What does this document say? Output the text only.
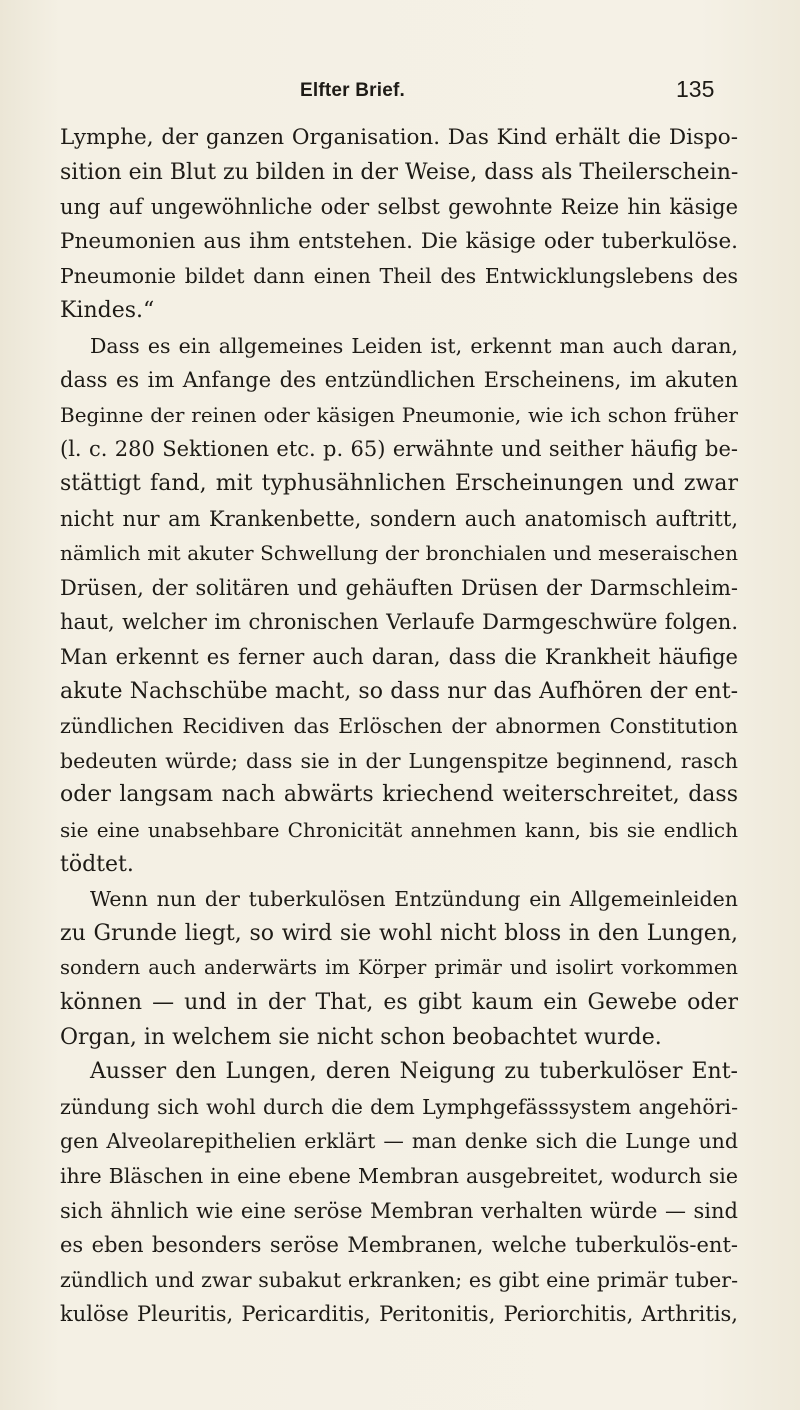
Elfter Brief.	135
Lymphe, der ganzen Organisation. Das Kind erhält die Dispo-
sition ein Blut zu bilden in der Weise, dass als Theilerschein-
ung auf ungewöhnliche oder selbst gewohnte Reize hin käsige
Pneumonien aus ihm entstehen. Die käsige oder tuberkulöse.
Pneumonie bildet dann einen Theil des Entwicklungslebens des
Kindes.“
Dass es ein allgemeines Leiden ist, erkennt man auch daran,
dass es im Anfange des entzündlichen Erscheinens, im akuten
Beginne der reinen oder käsigen Pneumonie, wie ich schon früher
(l. c. 280 Sektionen etc. p. 65) erwähnte und seither häufig be-
stättigt fand, mit typhusähnlichen Erscheinungen und zwar
nicht nur am Krankenbette, sondern auch anatomisch auftritt,
nämlich mit akuter Schwellung der bronchialen und meseraischen
Drüsen, der solitären und gehäuften Drüsen der Darmschleim-
haut, welcher im chronischen Verlaufe Darmgeschwüre folgen.
Man erkennt es ferner auch daran, dass die Krankheit häufige
akute Nachschübe macht, so dass nur das Aufhören der ent-
zündlichen Recidiven das Erlöschen der abnormen Constitution
bedeuten würde; dass sie in der Lungenspitze beginnend, rasch
oder langsam nach abwärts kriechend weiterschreitet, dass
sie eine unabsehbare Chronicität annehmen kann, bis sie endlich
tödtet.
Wenn nun der tuberkulösen Entzündung ein Allgemeinleiden
zu Grunde liegt, so wird sie wohl nicht bloss in den Lungen,
sondern auch anderwärts im Körper primär und isolirt vorkommen
können — und in der That, es gibt kaum ein Gewebe oder
Organ, in welchem sie nicht schon beobachtet wurde.
Ausser den Lungen, deren Neigung zu tuberkulöser Ent-
zündung sich wohl durch die dem Lymphgefässsystem angehöri-
gen Alveolarepithelien erklärt — man denke sich die Lunge und
ihre Bläschen in eine ebene Membran ausgebreitet, wodurch sie
sich ähnlich wie eine seröse Membran verhalten würde — sind
es eben besonders seröse Membranen, welche tuberkulös-ent-
zündlich und zwar subakut erkranken; es gibt eine primär tuber-
kulöse Pleuritis, Pericarditis, Peritonitis, Periorchitis, Arthritis,
